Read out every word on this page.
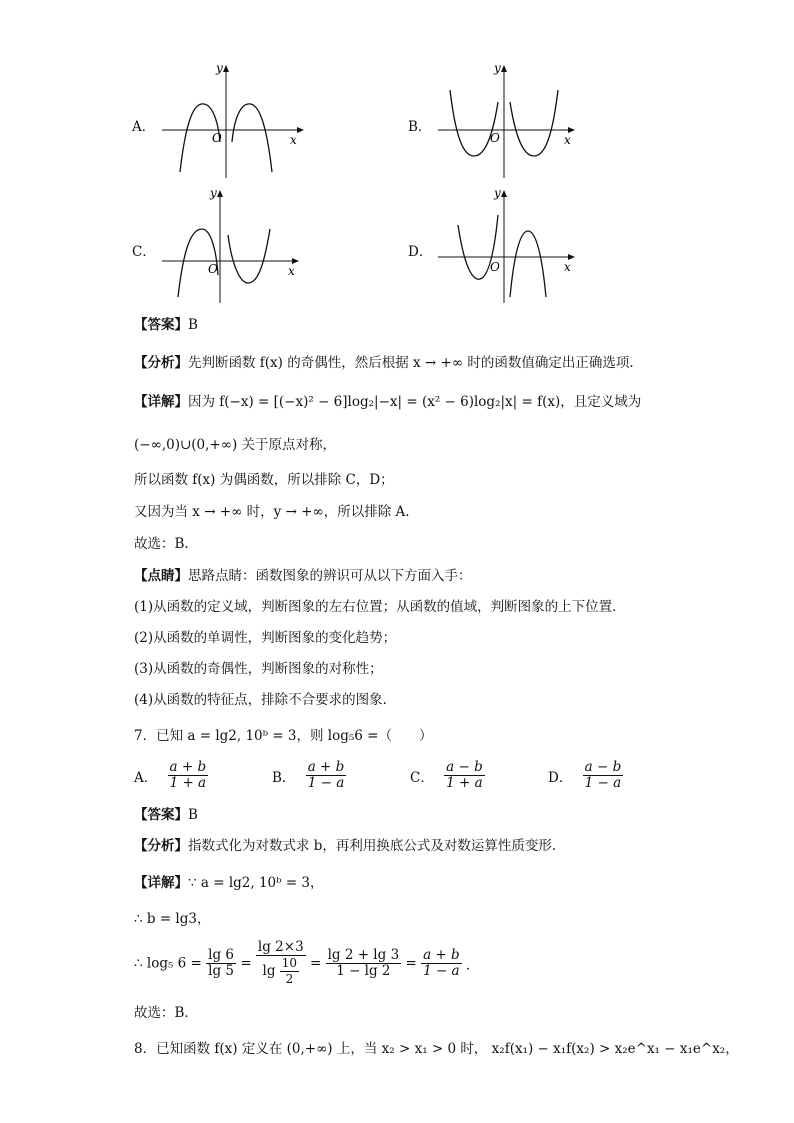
A．
y
x
O
B．
y
x
O
C．
y
x
O
D．
y
x
O
【答案】B
【分析】先判断函数 f(x) 的奇偶性，然后根据 x → +∞ 时的函数值确定出正确选项.
【详解】因为 f(−x) = [(−x)² − 6]log₂|−x| = (x² − 6)log₂|x| = f(x)，且定义域为
(−∞,0)∪(0,+∞) 关于原点对称，
所以函数 f(x) 为偶函数，所以排除 C，D；
又因为当 x → +∞ 时，y → +∞，所以排除 A.
故选：B.
【点睛】思路点睛：函数图象的辨识可从以下方面入手：
(1)从函数的定义域，判断图象的左右位置；从函数的值域，判断图象的上下位置．
(2)从函数的单调性，判断图象的变化趋势；
(3)从函数的奇偶性，判断图象的对称性；
(4)从函数的特征点，排除不合要求的图象.
7．已知 a = lg2, 10ᵇ = 3，则 log₅6 =（　　）
A． $\frac{a + b}{1 + a}$	B． $\frac{a + b}{1 - a}$	C． $\frac{a - b}{1 + a}$	D． $\frac{a - b}{1 - a}$
【答案】B
【分析】指数式化为对数式求 b，再利用换底公式及对数运算性质变形.
【详解】∵ a = lg2, 10ᵇ = 3，
∴ b = lg3，
∴ log₅ $6 = \frac{\lg 6}{\lg 5} = \frac{\lg 2\times 3}{\lg \frac{10}{2}} = \frac{\lg 2 + \lg 3}{1 - \lg 2} = \frac{a + b}{1 - a}$ ．
故选：B．
8．已知函数 f(x) 定义在 (0,+∞) 上，当 x₂ > x₁ > 0 时， x₂f(x₁) − x₁f(x₂) > x₂e^x₁ − x₁e^x₂，
